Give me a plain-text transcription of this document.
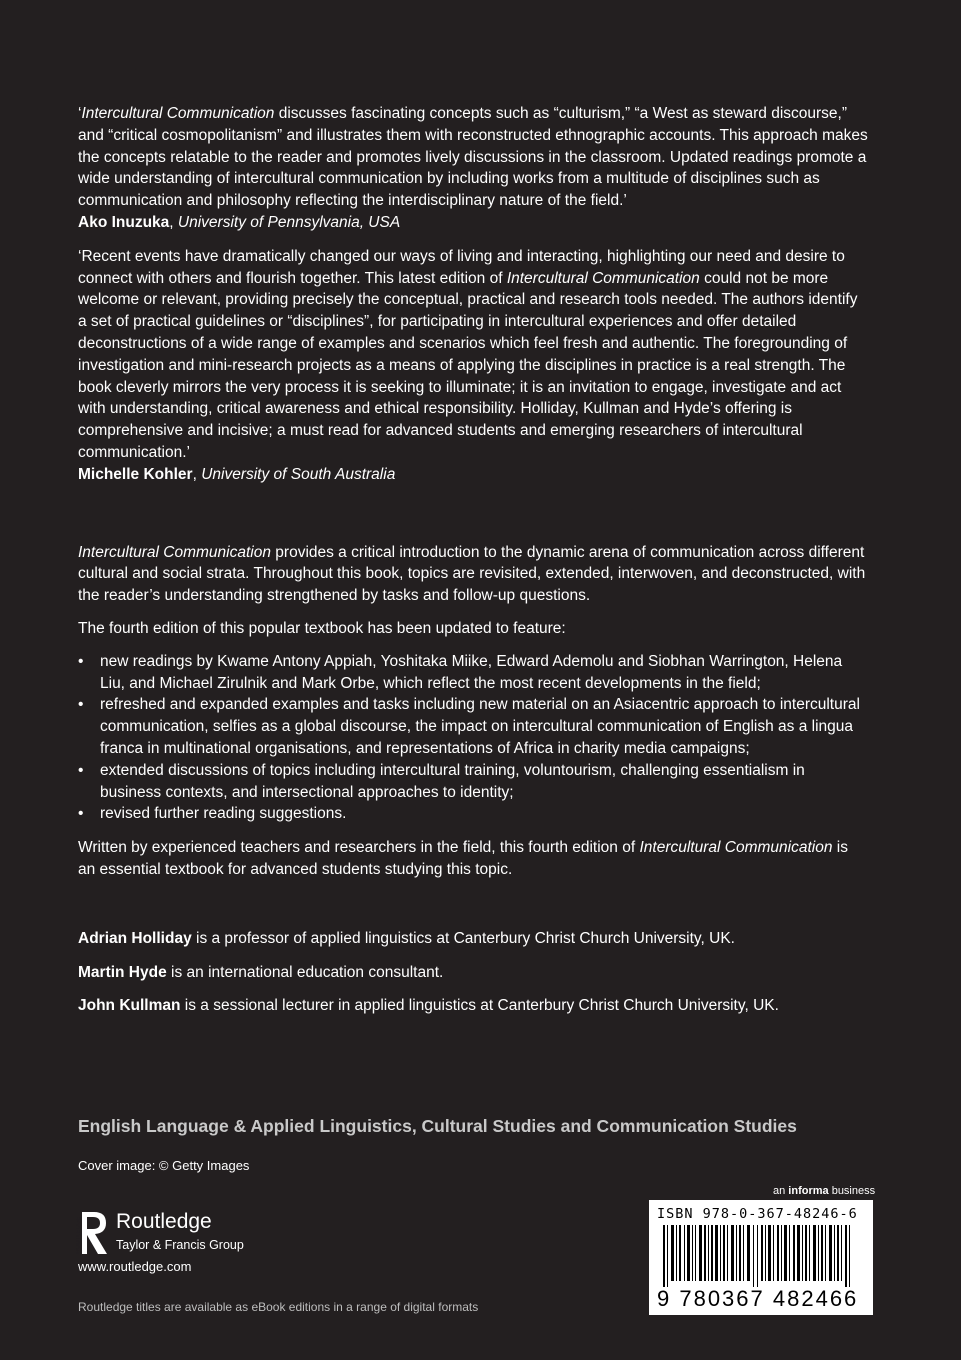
‘Intercultural Communication discusses fascinating concepts such as “culturism,” “a West as steward discourse,” and “critical cosmopolitanism” and illustrates them with reconstructed ethnographic accounts. This approach makes the concepts relatable to the reader and promotes lively discussions in the classroom. Updated readings promote a wide understanding of intercultural communication by including works from a multitude of disciplines such as communication and philosophy reflecting the interdisciplinary nature of the field.’

Ako Inuzuka, University of Pennsylvania, USA

‘Recent events have dramatically changed our ways of living and interacting, highlighting our need and desire to connect with others and flourish together. This latest edition of Intercultural Communication could not be more welcome or relevant, providing precisely the conceptual, practical and research tools needed. The authors identify a set of practical guidelines or “disciplines”, for participating in intercultural experiences and offer detailed deconstructions of a wide range of examples and scenarios which feel fresh and authentic. The foregrounding of investigation and mini-research projects as a means of applying the disciplines in practice is a real strength. The book cleverly mirrors the very process it is seeking to illuminate; it is an invitation to engage, investigate and act with understanding, critical awareness and ethical responsibility. Holliday, Kullman and Hyde’s offering is comprehensive and incisive; a must read for advanced students and emerging researchers of intercultural communication.’

Michelle Kohler, University of South Australia

Intercultural Communication provides a critical introduction to the dynamic arena of communication across different cultural and social strata. Throughout this book, topics are revisited, extended, interwoven, and deconstructed, with the reader’s understanding strengthened by tasks and follow-up questions.

The fourth edition of this popular textbook has been updated to feature:

• new readings by Kwame Antony Appiah, Yoshitaka Miike, Edward Ademolu and Siobhan Warrington, Helena Liu, and Michael Zirulnik and Mark Orbe, which reflect the most recent developments in the field;
• refreshed and expanded examples and tasks including new material on an Asiacentric approach to intercultural communication, selfies as a global discourse, the impact on intercultural communication of English as a lingua franca in multinational organisations, and representations of Africa in charity media campaigns;
• extended discussions of topics including intercultural training, voluntourism, challenging essentialism in business contexts, and intersectional approaches to identity;
• revised further reading suggestions.

Written by experienced teachers and researchers in the field, this fourth edition of Intercultural Communication is an essential textbook for advanced students studying this topic.

Adrian Holliday is a professor of applied linguistics at Canterbury Christ Church University, UK.

Martin Hyde is an international education consultant.

John Kullman is a sessional lecturer in applied linguistics at Canterbury Christ Church University, UK.

English Language & Applied Linguistics, Cultural Studies and Communication Studies
Cover image: © Getty Images
an informa business
ROUTLEDGE Routledge
Taylor & Francis Group
www.routledge.com
Routledge titles are available as eBook editions in a range of digital formats
ISBN 978-0-367-48246-6
9 780367 482466
